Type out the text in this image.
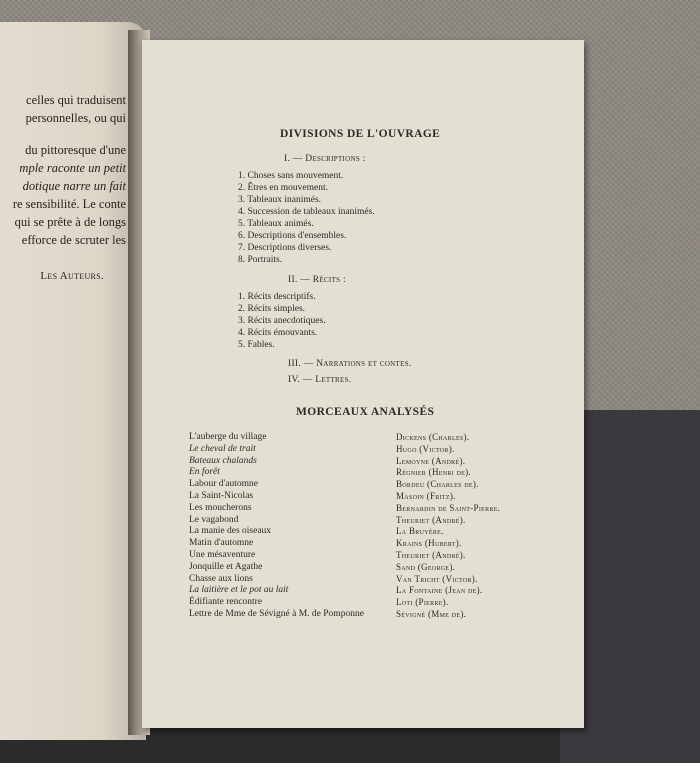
celles qui traduisent
personnelles, ou qui
du pittoresque d'une
mple raconte un petit
dotique narre un fait
re sensibilité. Le conte
qui se prête à de longs
efforce de scruter les
Les Auteurs.
DIVISIONS DE L'OUVRAGE
I. — Descriptions :
1. Choses sans mouvement.
2. Êtres en mouvement.
3. Tableaux inanimés.
4. Succession de tableaux inanimés.
5. Tableaux animés.
6. Descriptions d'ensembles.
7. Descriptions diverses.
8. Portraits.
II. — Récits :
1. Récits descriptifs.
2. Récits simples.
3. Récits anecdotiques.
4. Récits émouvants.
5. Fables.
III. — Narrations et contes.
IV. — Lettres.
MORCEAUX ANALYSÉS
L'auberge du village	Dickens (Charles).
Le cheval de trait	Hugo (Victor).
Bateaux chalands	Lemoyne (André).
En forêt	Régnier (Henri de).
Labour d'automne	Bordeu (Charles de).
La Saint-Nicolas	Masoin (Fritz).
Les moucherons	Bernardin de Saint-Pierre.
Le vagabond	Theuriet (André).
La manie des oiseaux	La Bruyère.
Matin d'automne	Krains (Hubert).
Une mésaventure	Theuriet (André).
Jonquille et Agathe	Sand (George).
Chasse aux lions	Van Tricht (Victor).
La laitière et le pot au lait	La Fontaine (Jean de).
Édifiante rencontre	Loti (Pierre).
Lettre de Mme de Sévigné à M. de Pomponne	Sévigné (Mme de).
